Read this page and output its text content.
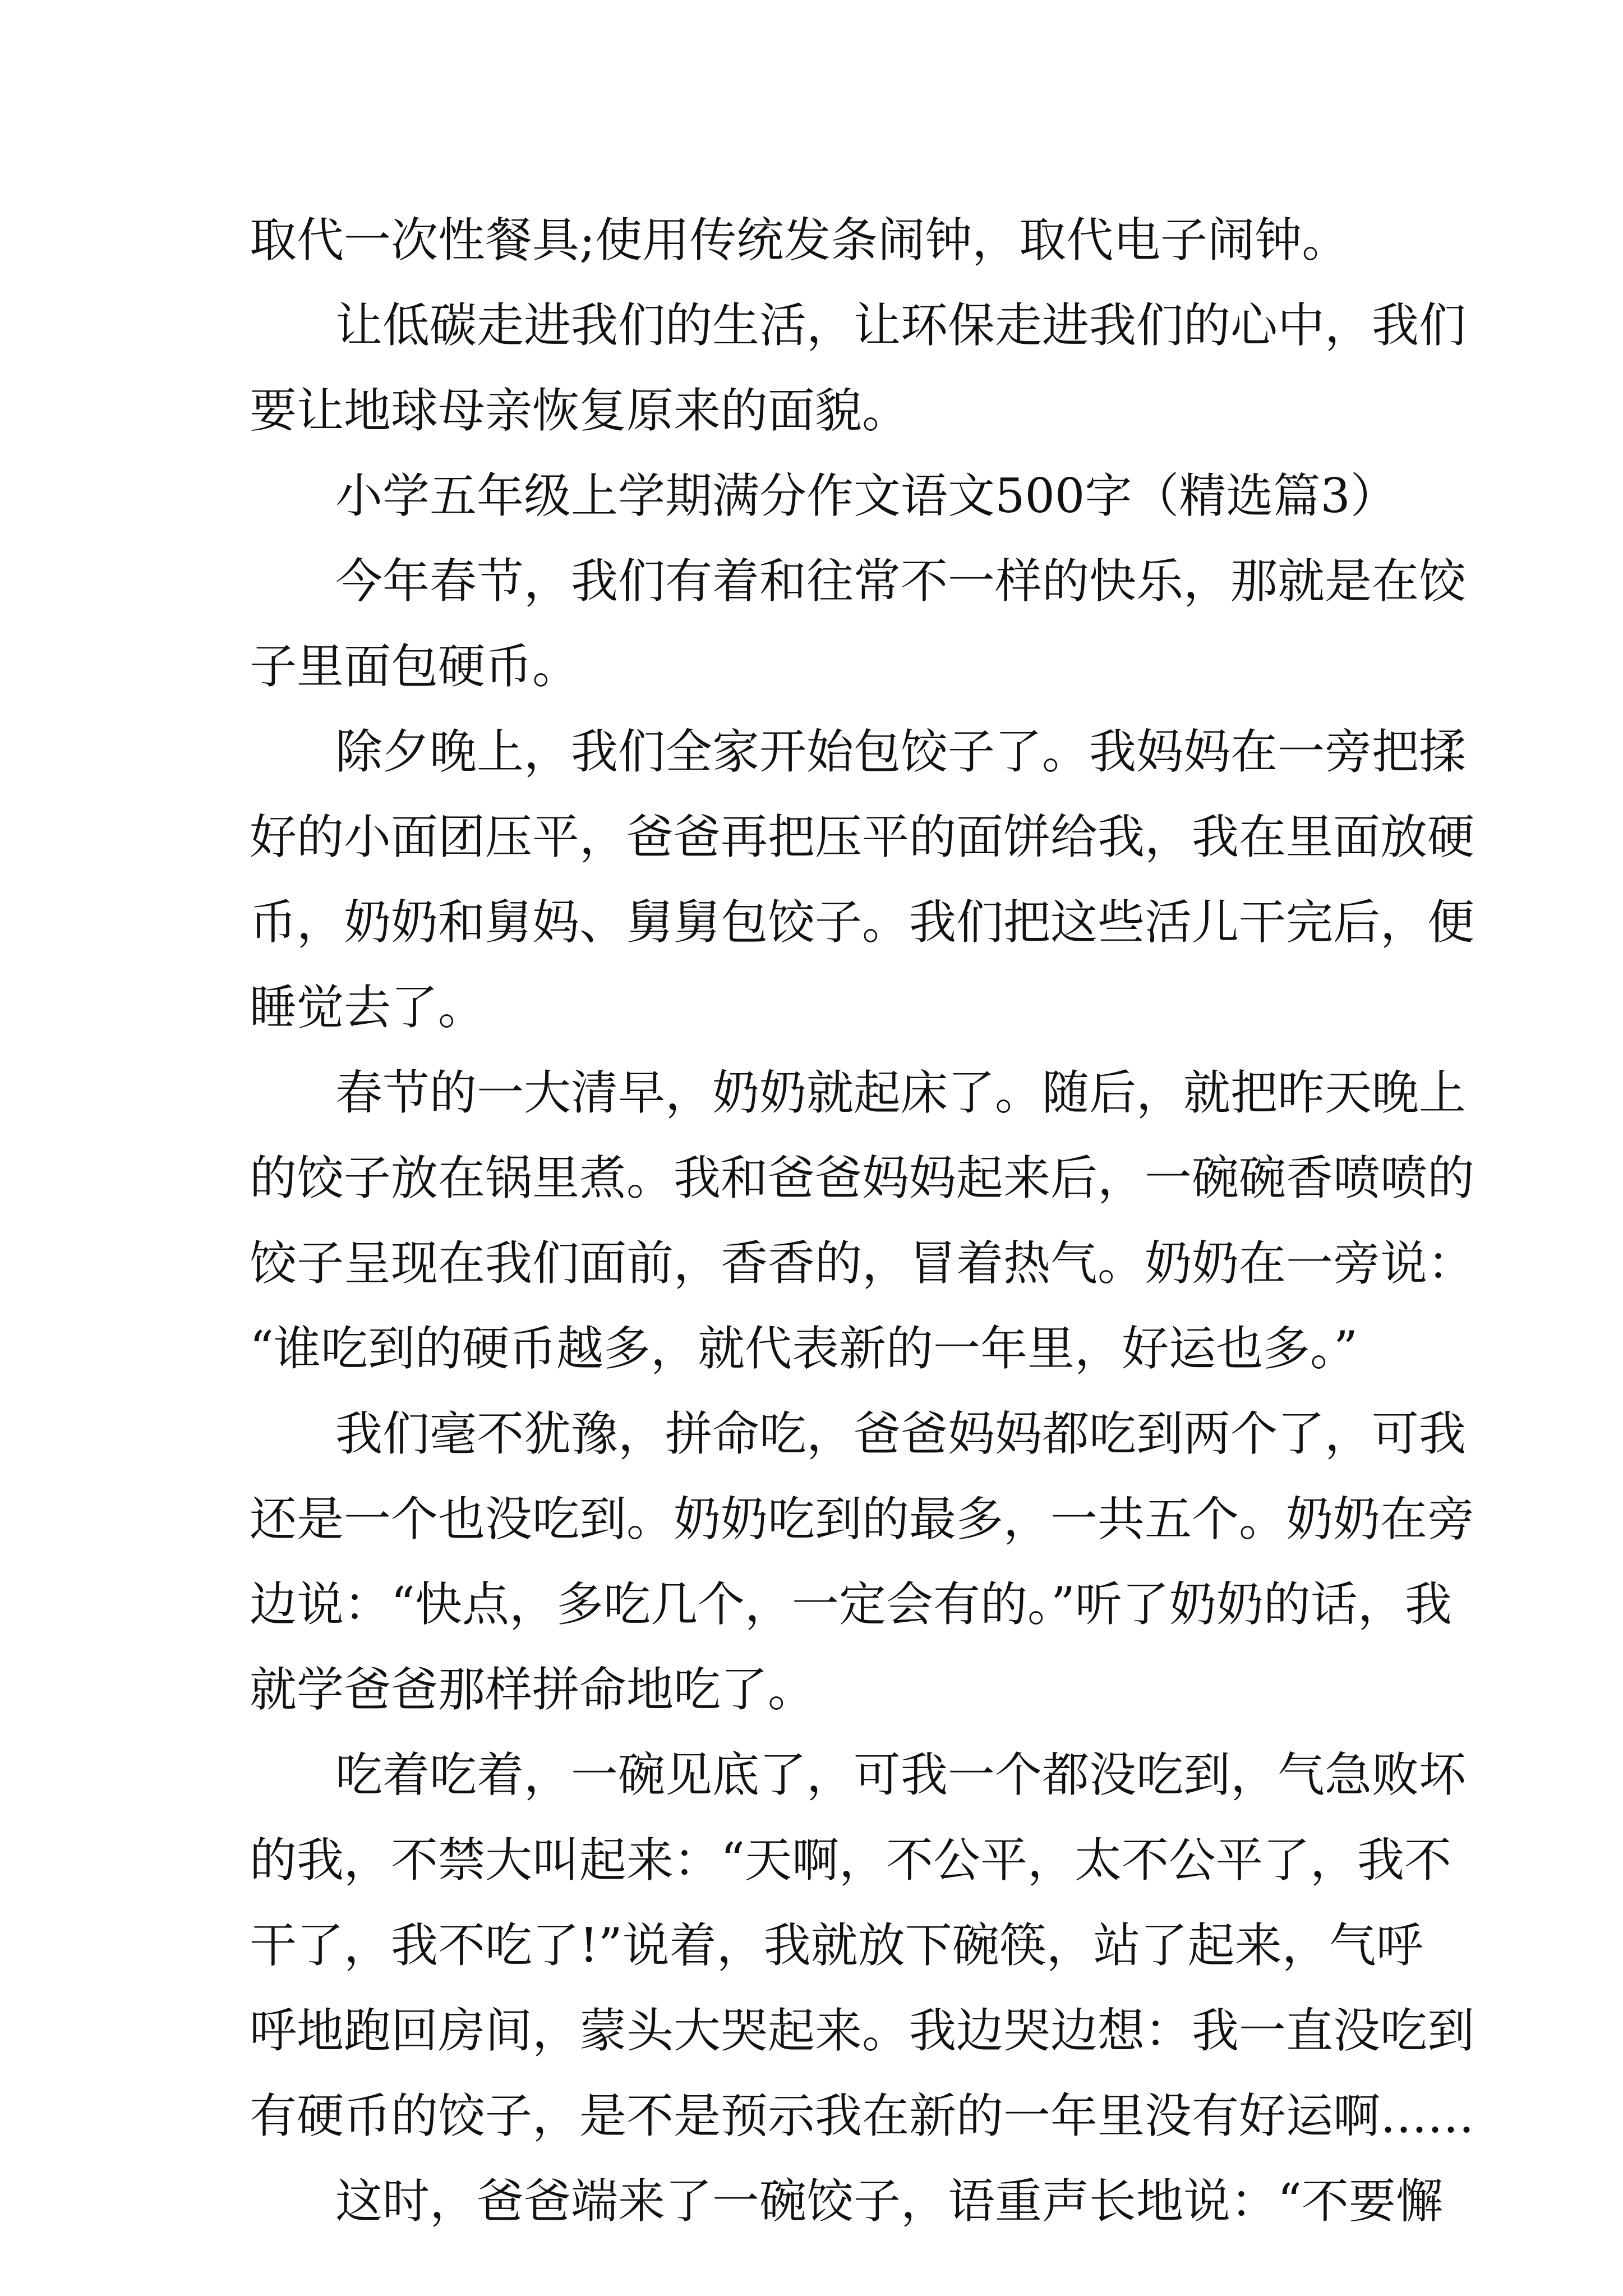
取代一次性餐具;使用传统发条闹钟，取代电子闹钟。

让低碳走进我们的生活，让环保走进我们的心中，我们

要让地球母亲恢复原来的面貌。

小学五年级上学期满分作文语文500字（精选篇3）

今年春节，我们有着和往常不一样的快乐，那就是在饺

子里面包硬币。

除夕晚上，我们全家开始包饺子了。我妈妈在一旁把揉

好的小面团压平，爸爸再把压平的面饼给我，我在里面放硬

币，奶奶和舅妈、舅舅包饺子。我们把这些活儿干完后，便

睡觉去了。

春节的一大清早，奶奶就起床了。随后，就把昨天晚上

的饺子放在锅里煮。我和爸爸妈妈起来后，一碗碗香喷喷的

饺子呈现在我们面前，香香的，冒着热气。奶奶在一旁说：

“谁吃到的硬币越多，就代表新的一年里，好运也多。”

我们毫不犹豫，拼命吃，爸爸妈妈都吃到两个了，可我

还是一个也没吃到。奶奶吃到的最多，一共五个。奶奶在旁

边说：“快点，多吃几个，一定会有的。”听了奶奶的话，我

就学爸爸那样拼命地吃了。

吃着吃着，一碗见底了，可我一个都没吃到，气急败坏

的我，不禁大叫起来：“天啊，不公平，太不公平了，我不

干了，我不吃了!”说着，我就放下碗筷，站了起来，气呼

呼地跑回房间，蒙头大哭起来。我边哭边想：我一直没吃到

有硬币的饺子，是不是预示我在新的一年里没有好运啊……

这时，爸爸端来了一碗饺子，语重声长地说：“不要懈
